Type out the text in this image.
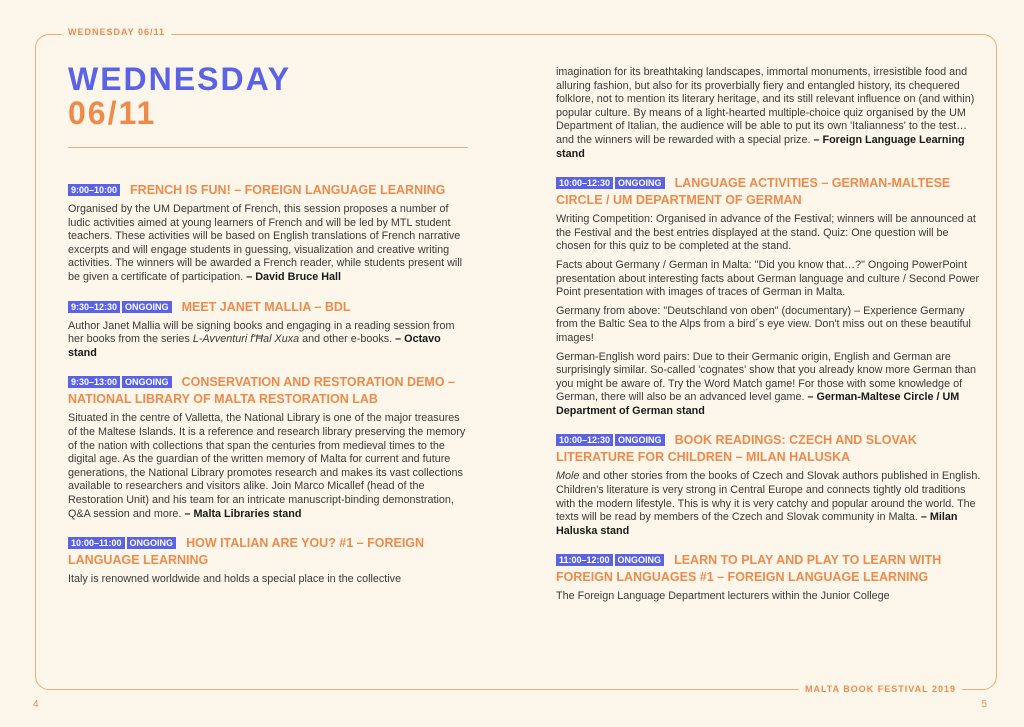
WEDNESDAY 06/11
MALTA BOOK FESTIVAL 2019
4	5
WEDNESDAY
06/11
9:00–10:00 FRENCH IS FUN! – FOREIGN LANGUAGE LEARNING

Organised by the UM Department of French, this session proposes a number of ludic activities aimed at young learners of French and will be led by MTL student teachers. These activities will be based on English translations of French narrative excerpts and will engage students in guessing, visualization and creative writing activities. The winners will be awarded a French reader, while students present will be given a certificate of participation. – David Bruce Hall

9:30–12:30 ONGOING MEET JANET MALLIA – BDL

Author Janet Mallia will be signing books and engaging in a reading session from her books from the series L-Avventuri f'Ħal Xuxa and other e-books. – Octavo stand

9:30–13:00 ONGOING CONSERVATION AND RESTORATION DEMO – NATIONAL LIBRARY OF MALTA RESTORATION LAB

Situated in the centre of Valletta, the National Library is one of the major treasures of the Maltese Islands. It is a reference and research library preserving the memory of the nation with collections that span the centuries from medieval times to the digital age. As the guardian of the written memory of Malta for current and future generations, the National Library promotes research and makes its vast collections available to researchers and visitors alike. Join Marco Micallef (head of the Restoration Unit) and his team for an intricate manuscript-binding demonstration, Q&A session and more. – Malta Libraries stand

10:00–11:00 ONGOING HOW ITALIAN ARE YOU? #1 – FOREIGN LANGUAGE LEARNING

Italy is renowned worldwide and holds a special place in the collective

imagination for its breathtaking landscapes, immortal monuments, irresistible food and alluring fashion, but also for its proverbially fiery and entangled history, its chequered folklore, not to mention its literary heritage, and its still relevant influence on (and within) popular culture. By means of a light-hearted multiple-choice quiz organised by the UM Department of Italian, the audience will be able to put its own 'Italianness' to the test… and the winners will be rewarded with a special prize. – Foreign Language Learning stand

10:00–12:30 ONGOING LANGUAGE ACTIVITIES – GERMAN-MALTESE CIRCLE / UM DEPARTMENT OF GERMAN

Writing Competition: Organised in advance of the Festival; winners will be announced at the Festival and the best entries displayed at the stand. Quiz: One question will be chosen for this quiz to be completed at the stand.

Facts about Germany / German in Malta: "Did you know that…?" Ongoing PowerPoint presentation about interesting facts about German language and culture / Second Power Point presentation with images of traces of German in Malta.

Germany from above: "Deutschland von oben" (documentary) – Experience Germany from the Baltic Sea to the Alps from a bird´s eye view. Don't miss out on these beautiful images!

German-English word pairs: Due to their Germanic origin, English and German are surprisingly similar. So-called 'cognates' show that you already know more German than you might be aware of. Try the Word Match game! For those with some knowledge of German, there will also be an advanced level game. – German-Maltese Circle / UM Department of German stand

10:00–12:30 ONGOING BOOK READINGS: CZECH AND SLOVAK LITERATURE FOR CHILDREN – MILAN HALUSKA

Mole and other stories from the books of Czech and Slovak authors published in English. Children's literature is very strong in Central Europe and connects tightly old traditions with the modern lifestyle. This is why it is very catchy and popular around the world. The texts will be read by members of the Czech and Slovak community in Malta. – Milan Haluska stand

11:00–12:00 ONGOING LEARN TO PLAY AND PLAY TO LEARN WITH FOREIGN LANGUAGES #1 – FOREIGN LANGUAGE LEARNING

The Foreign Language Department lecturers within the Junior College
